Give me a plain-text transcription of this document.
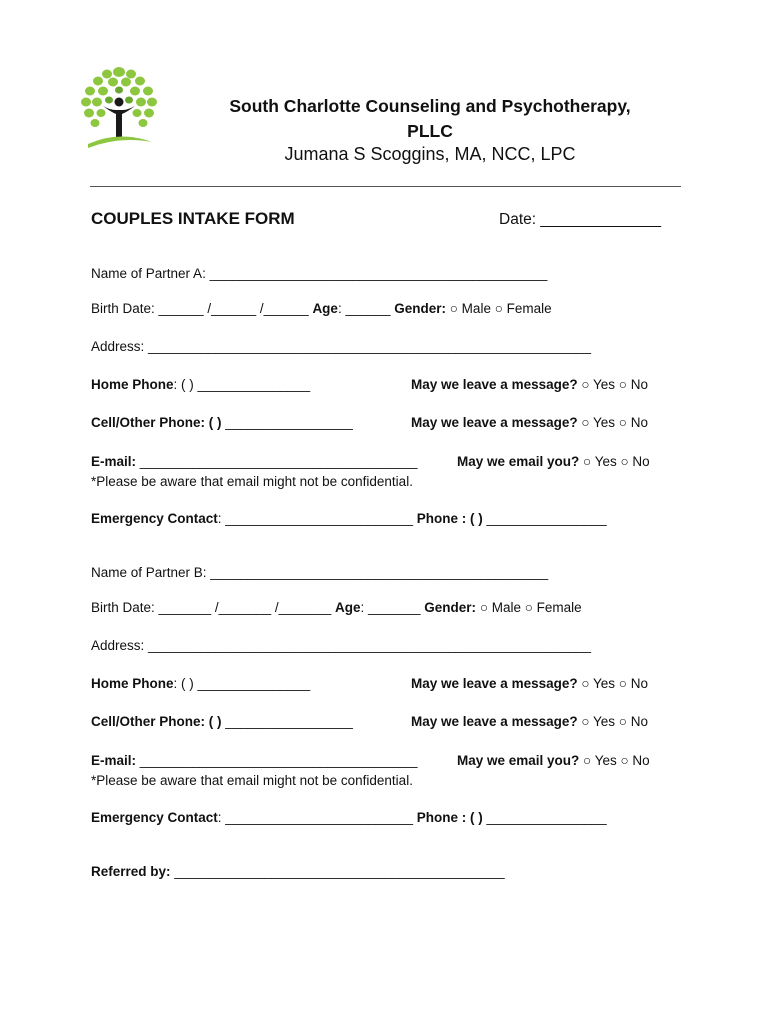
South Charlotte Counseling and Psychotherapy,
PLLC
Jumana S Scoggins, MA, NCC, LPC
COUPLES INTAKE FORM	Date: ______________
Name of Partner A: _____________________________________________
Birth Date: ______ /______ /______ Age: ______ Gender: ○ Male ○ Female
Address: ___________________________________________________________
Home Phone: ( ) _______________	May we leave a message? ○ Yes ○ No
Cell/Other Phone: ( ) _________________	May we leave a message? ○ Yes ○ No
E-mail: _____________________________________	May we email you? ○ Yes ○ No
*Please be aware that email might not be confidential.
Emergency Contact: _________________________ Phone : ( ) ________________
Name of Partner B: _____________________________________________
Birth Date: _______ /_______ /_______ Age: _______ Gender: ○ Male ○ Female
Address: ___________________________________________________________
Home Phone: ( ) _______________	May we leave a message? ○ Yes ○ No
Cell/Other Phone: ( ) _________________	May we leave a message? ○ Yes ○ No
E-mail: _____________________________________	May we email you? ○ Yes ○ No
*Please be aware that email might not be confidential.
Emergency Contact: _________________________ Phone : ( ) ________________
Referred by: ____________________________________________
